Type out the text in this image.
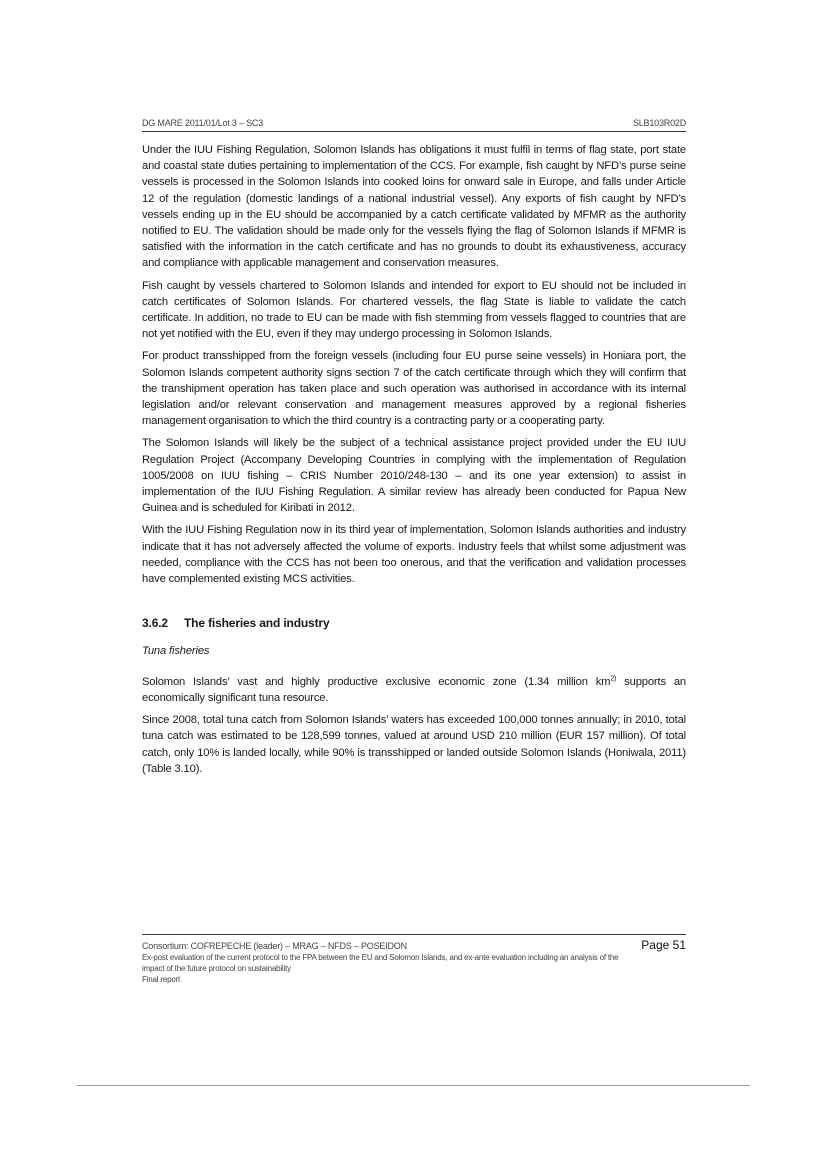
DG MARE 2011/01/Lot 3 – SC3	SLB103R02D

Under the IUU Fishing Regulation, Solomon Islands has obligations it must fulfil in terms of flag state, port state and coastal state duties pertaining to implementation of the CCS. For example, fish caught by NFD’s purse seine vessels is processed in the Solomon Islands into cooked loins for onward sale in Europe, and falls under Article 12 of the regulation (domestic landings of a national industrial vessel). Any exports of fish caught by NFD’s vessels ending up in the EU should be accompanied by a catch certificate validated by MFMR as the authority notified to EU. The validation should be made only for the vessels flying the flag of Solomon Islands if MFMR is satisfied with the information in the catch certificate and has no grounds to doubt its exhaustiveness, accuracy and compliance with applicable management and conservation measures.

Fish caught by vessels chartered to Solomon Islands and intended for export to EU should not be included in catch certificates of Solomon Islands. For chartered vessels, the flag State is liable to validate the catch certificate. In addition, no trade to EU can be made with fish stemming from vessels flagged to countries that are not yet notified with the EU, even if they may undergo processing in Solomon Islands.

For product transshipped from the foreign vessels (including four EU purse seine vessels) in Honiara port, the Solomon Islands competent authority signs section 7 of the catch certificate through which they will confirm that the transhipment operation has taken place and such operation was authorised in accordance with its internal legislation and/or relevant conservation and management measures approved by a regional fisheries management organisation to which the third country is a contracting party or a cooperating party.

The Solomon Islands will likely be the subject of a technical assistance project provided under the EU IUU Regulation Project (Accompany Developing Countries in complying with the implementation of Regulation 1005/2008 on IUU fishing – CRIS Number 2010/248-130 – and its one year extension) to assist in implementation of the IUU Fishing Regulation. A similar review has already been conducted for Papua New Guinea and is scheduled for Kiribati in 2012.

With the IUU Fishing Regulation now in its third year of implementation, Solomon Islands authorities and industry indicate that it has not adversely affected the volume of exports. Industry feels that whilst some adjustment was needed, compliance with the CCS has not been too onerous, and that the verification and validation processes have complemented existing MCS activities.

3.6.2 The fisheries and industry
Tuna fisheries

Solomon Islands’ vast and highly productive exclusive economic zone (1.34 million $km^{2)}$ supports an economically significant tuna resource.

Since 2008, total tuna catch from Solomon Islands’ waters has exceeded 100,000 tonnes annually; in 2010, total tuna catch was estimated to be 128,599 tonnes, valued at around USD 210 million (EUR 157 million). Of total catch, only 10% is landed locally, while 90% is transshipped or landed outside Solomon Islands (Honiwala, 2011) (Table 3.10).

Consortium: COFREPECHE (leader) – MRAG – NFDS – POSEIDON	Page 51
Ex-post evaluation of the current protocol to the FPA between the EU and Solomon Islands, and ex-ante evaluation including an analysis of the
impact of the future protocol on sustainability
Final report
